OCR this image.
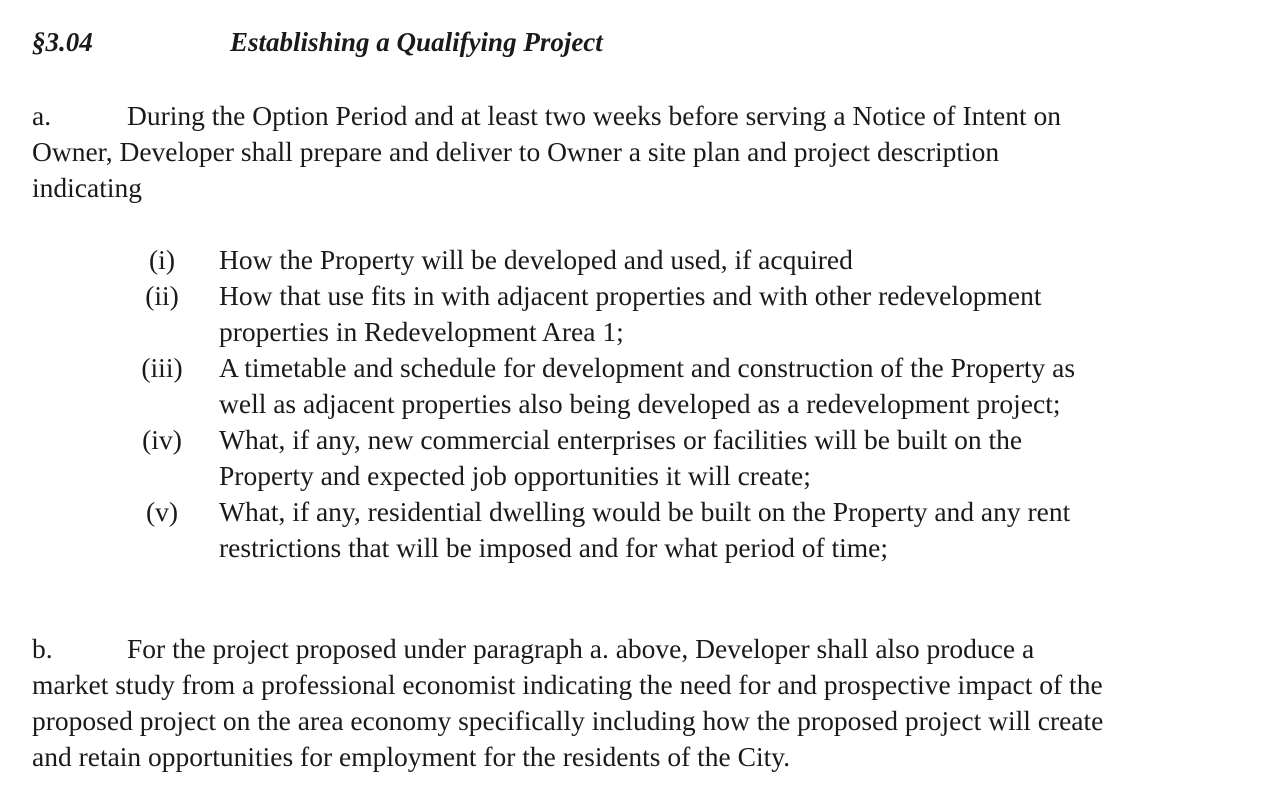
§3.04	Establishing a Qualifying Project
a.	During the Option Period and at least two weeks before serving a Notice of Intent on
Owner, Developer shall prepare and deliver to Owner a site plan and project description
indicating
(i)	How the Property will be developed and used, if acquired
(ii)	How that use fits in with adjacent properties and with other redevelopment
properties in Redevelopment Area 1;
(iii)	A timetable and schedule for development and construction of the Property as
well as adjacent properties also being developed as a redevelopment project;
(iv)	What, if any, new commercial enterprises or facilities will be built on the
Property and expected job opportunities it will create;
(v)	What, if any, residential dwelling would be built on the Property and any rent
restrictions that will be imposed and for what period of time;
b.	For the project proposed under paragraph a. above, Developer shall also produce a
market study from a professional economist indicating the need for and prospective impact of the
proposed project on the area economy specifically including how the proposed project will create
and retain opportunities for employment for the residents of the City.
